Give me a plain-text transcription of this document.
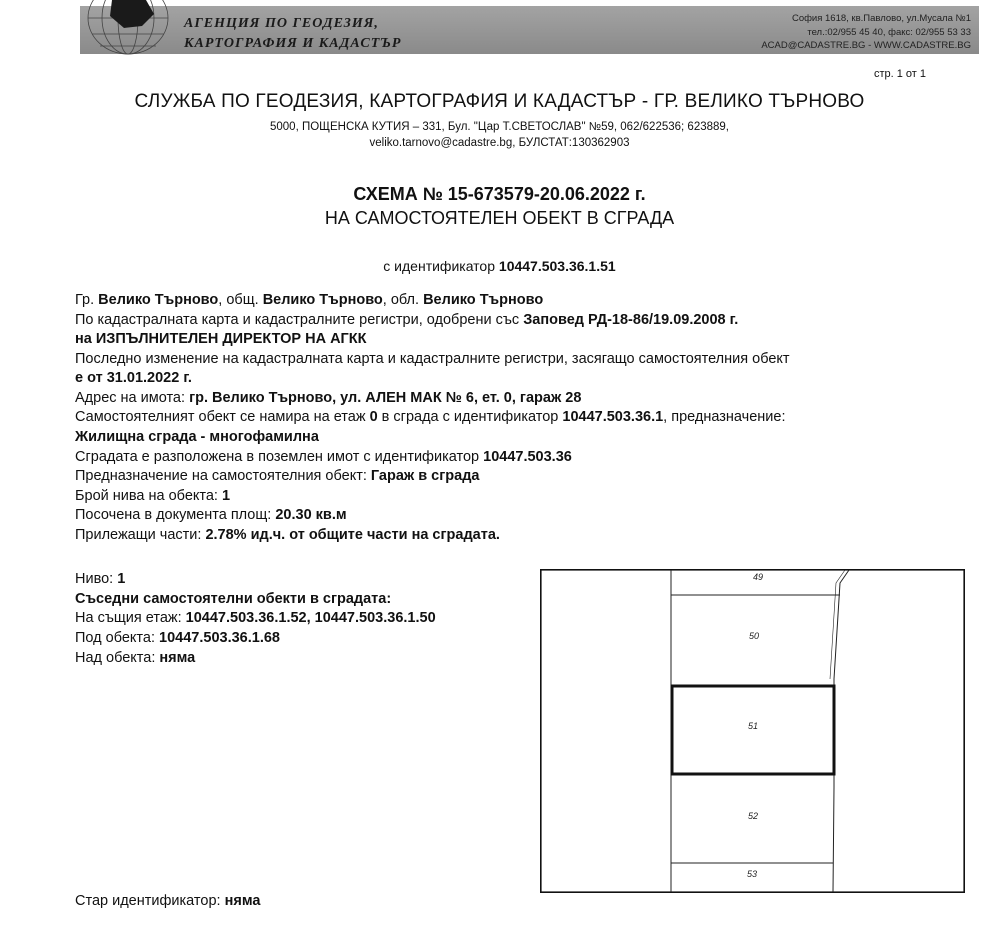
АГЕНЦИЯ ПО ГЕОДЕЗИЯ,
КАРТОГРАФИЯ И КАДАСТЪР
София 1618, кв.Павлово, ул.Мусала №1
тел.:02/955 45 40, факс: 02/955 53 33
ACAD@CADASTRE.BG - WWW.CADASTRE.BG
стр. 1 от 1
СЛУЖБА ПО ГЕОДЕЗИЯ, КАРТОГРАФИЯ И КАДАСТЪР - ГР. ВЕЛИКО ТЪРНОВО
5000, ПОЩЕНСКА КУТИЯ – 331, Бул. "Цар Т.СВЕТОСЛАВ" №59, 062/622536; 623889,
veliko.tarnovo@cadastre.bg, БУЛСТАТ:130362903
СХЕМА № 15-673579-20.06.2022 г.
НА САМОСТОЯТЕЛЕН ОБЕКТ В СГРАДА
с идентификатор 10447.503.36.1.51
Гр. Велико Търново, общ. Велико Търново, обл. Велико Търново
По кадастралната карта и кадастралните регистри, одобрени със Заповед РД-18-86/19.09.2008 г.
на ИЗПЪЛНИТЕЛЕН ДИРЕКТОР НА АГКК
Последно изменение на кадастралната карта и кадастралните регистри, засягащо самостоятелния обект
е от 31.01.2022 г.
Адрес на имота: гр. Велико Търново, ул. АЛЕН МАК № 6, ет. 0, гараж 28
Самостоятелният обект се намира на етаж 0 в сграда с идентификатор 10447.503.36.1, предназначение:
Жилищна сграда - многофамилна
Сградата е разположена в поземлен имот с идентификатор 10447.503.36
Предназначение на самостоятелния обект: Гараж в сграда
Брой нива на обекта: 1
Посочена в документа площ: 20.30 кв.м
Прилежащи части: 2.78% ид.ч. от общите части на сградата.
Ниво: 1
Съседни самостоятелни обекти в сградата:
На същия етаж: 10447.503.36.1.52, 10447.503.36.1.50
Под обекта: 10447.503.36.1.68
Над обекта: няма
Стар идентификатор: няма
49
50
51
52
53
